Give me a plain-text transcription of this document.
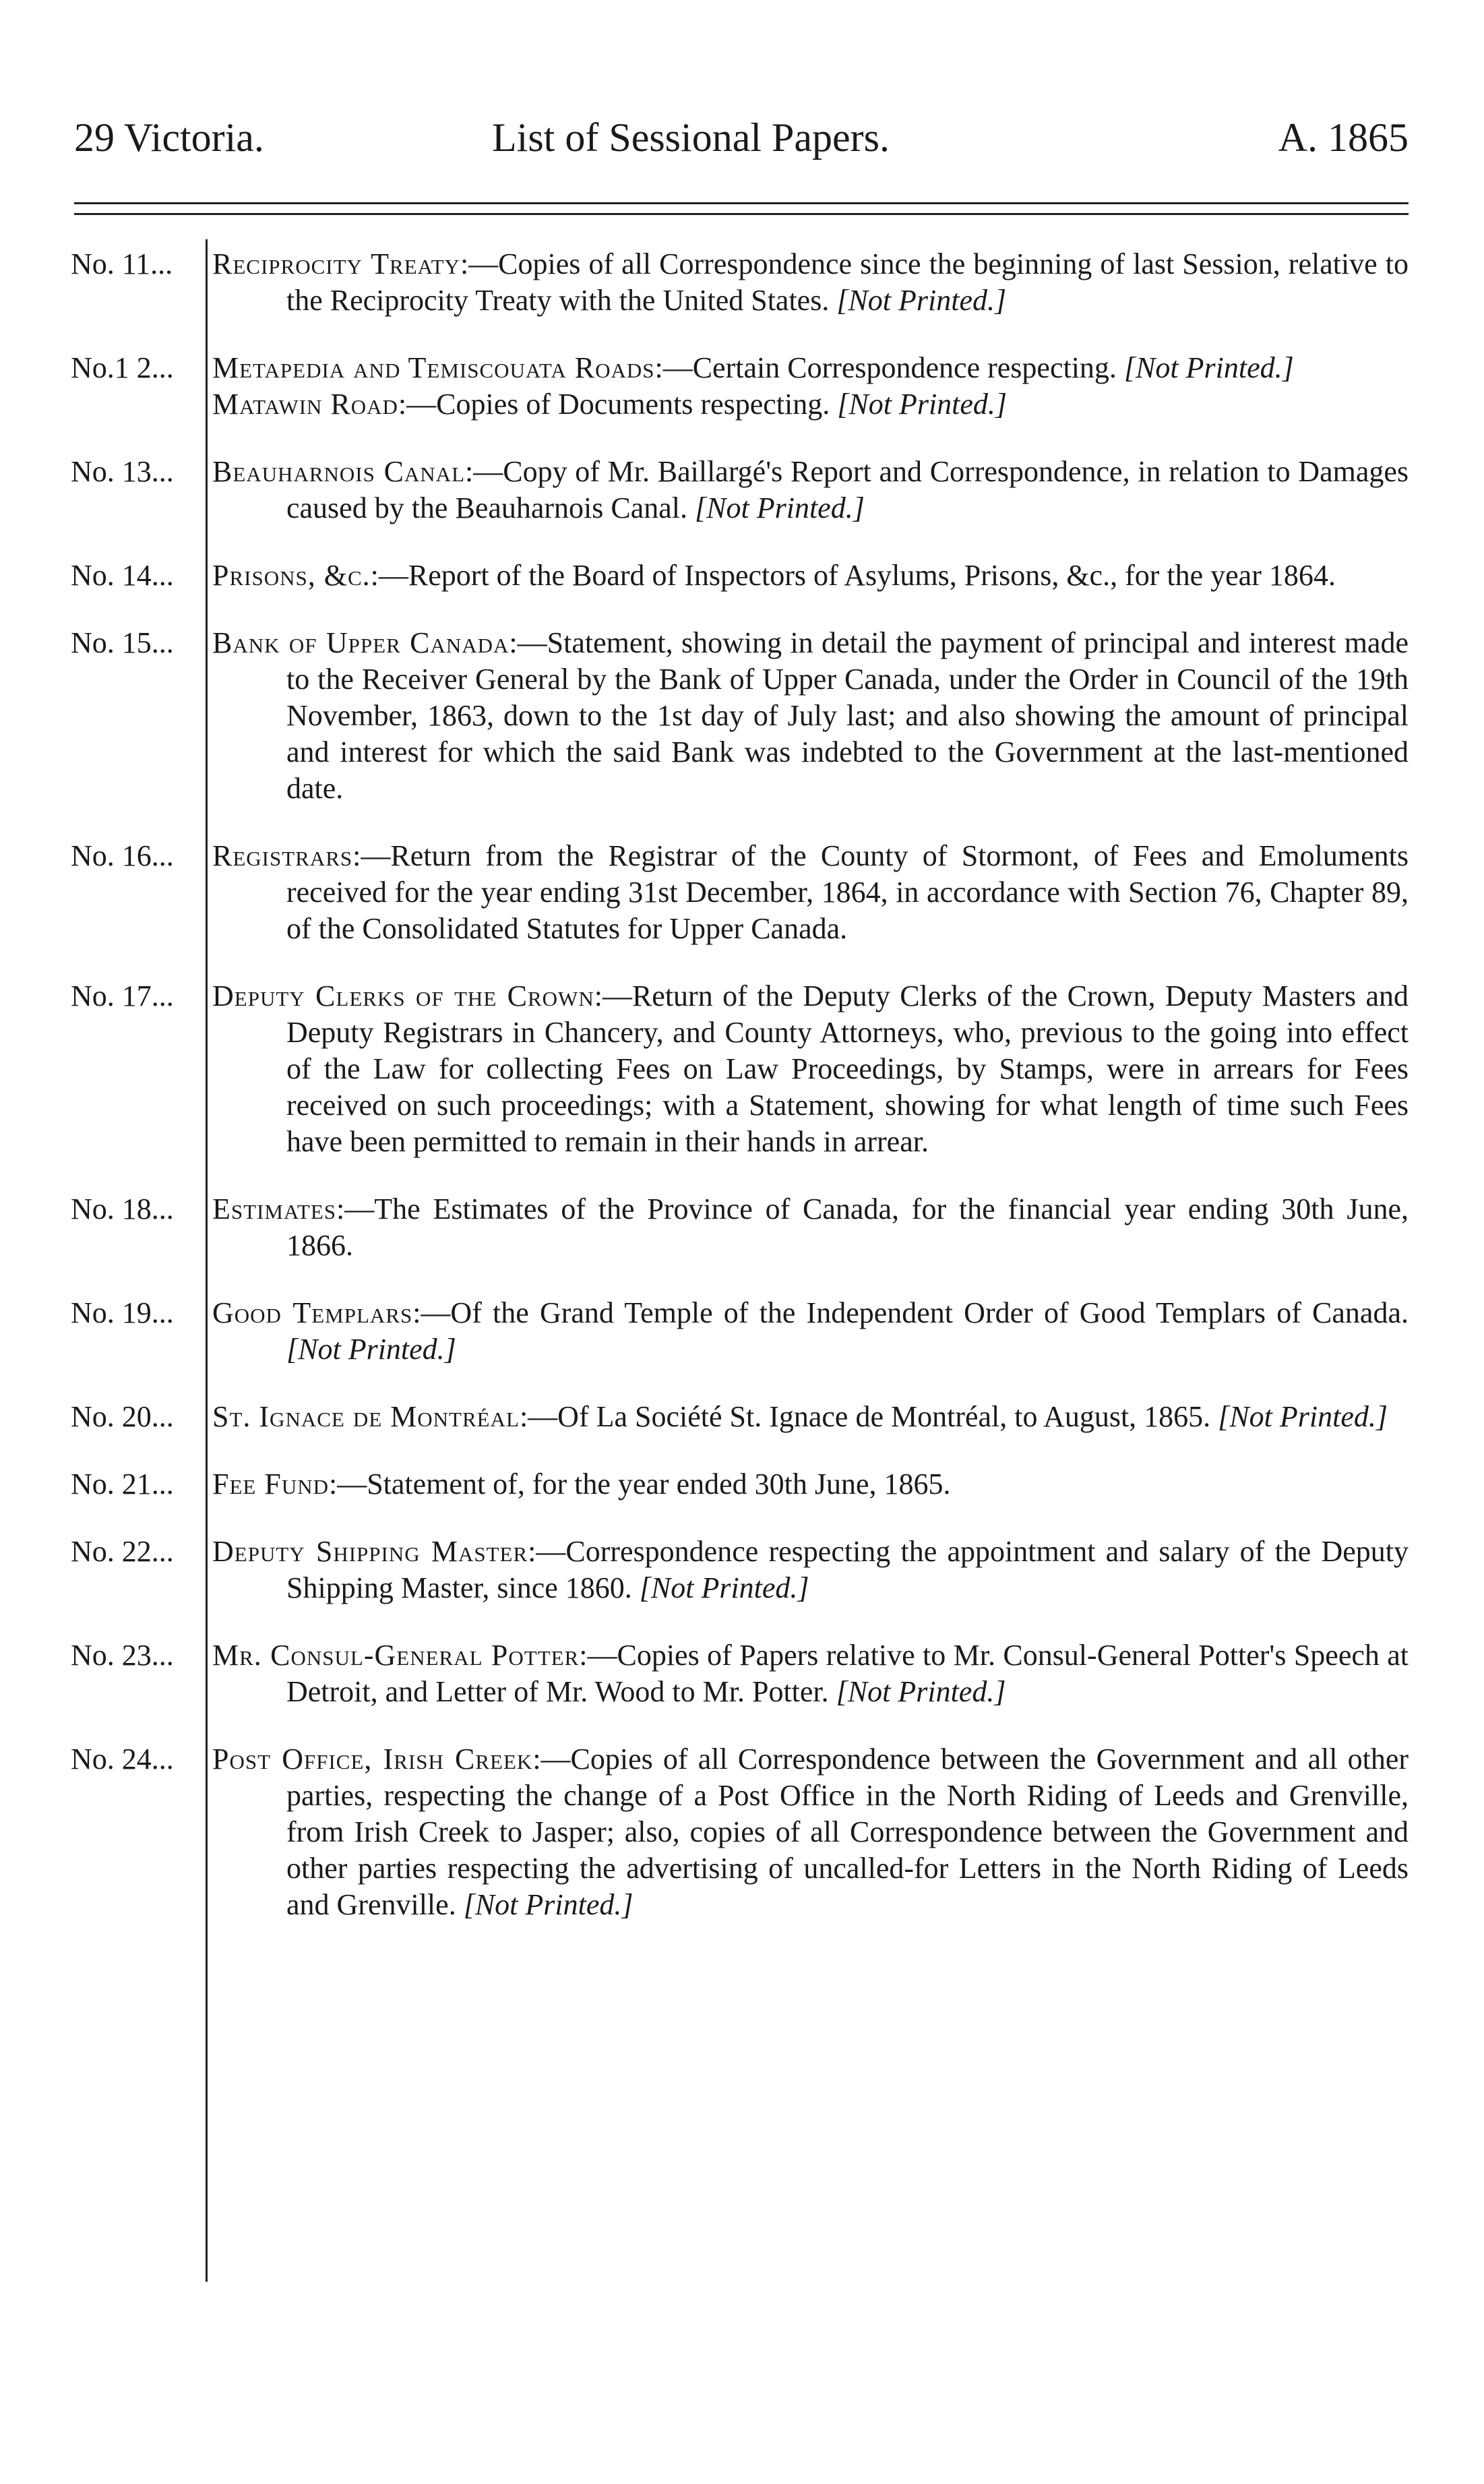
29 Victoria.	List of Sessional Papers.	A. 1865
No. 11...	Reciprocity Treaty:—Copies of all Correspondence since the beginning of last Session, relative to the Reciprocity Treaty with the United States. [Not Printed.]
No.1 2...	Metapedia and Temiscouata Roads:—Certain Correspondence respecting. [Not Printed.]
Matawin Road:—Copies of Documents respecting. [Not Printed.]
No. 13...	Beauharnois Canal:—Copy of Mr. Baillargé's Report and Correspondence, in relation to Damages caused by the Beauharnois Canal. [Not Printed.]
No. 14...	Prisons, &c.:—Report of the Board of Inspectors of Asylums, Prisons, &c., for the year 1864.
No. 15...	Bank of Upper Canada:—Statement, showing in detail the payment of principal and interest made to the Receiver General by the Bank of Upper Canada, under the Order in Council of the 19th November, 1863, down to the 1st day of July last; and also showing the amount of principal and interest for which the said Bank was indebted to the Government at the last-mentioned date.
No. 16...	Registrars:—Return from the Registrar of the County of Stormont, of Fees and Emoluments received for the year ending 31st December, 1864, in accordance with Section 76, Chapter 89, of the Consolidated Statutes for Upper Canada.
No. 17...	Deputy Clerks of the Crown:—Return of the Deputy Clerks of the Crown, Deputy Masters and Deputy Registrars in Chancery, and County Attorneys, who, previous to the going into effect of the Law for collecting Fees on Law Proceedings, by Stamps, were in arrears for Fees received on such proceedings; with a Statement, showing for what length of time such Fees have been permitted to remain in their hands in arrear.
No. 18...	Estimates:—The Estimates of the Province of Canada, for the financial year ending 30th June, 1866.
No. 19...	Good Templars:—Of the Grand Temple of the Independent Order of Good Templars of Canada. [Not Printed.]
No. 20...	St. Ignace de Montréal:—Of La Société St. Ignace de Montréal, to August, 1865. [Not Printed.]
No. 21...	Fee Fund:—Statement of, for the year ended 30th June, 1865.
No. 22...	Deputy Shipping Master:—Correspondence respecting the appointment and salary of the Deputy Shipping Master, since 1860. [Not Printed.]
No. 23...	Mr. Consul-General Potter:—Copies of Papers relative to Mr. Consul-General Potter's Speech at Detroit, and Letter of Mr. Wood to Mr. Potter. [Not Printed.]
No. 24...	Post Office, Irish Creek:—Copies of all Correspondence between the Government and all other parties, respecting the change of a Post Office in the North Riding of Leeds and Grenville, from Irish Creek to Jasper; also, copies of all Correspondence between the Government and other parties respecting the advertising of uncalled-for Letters in the North Riding of Leeds and Grenville. [Not Printed.]
